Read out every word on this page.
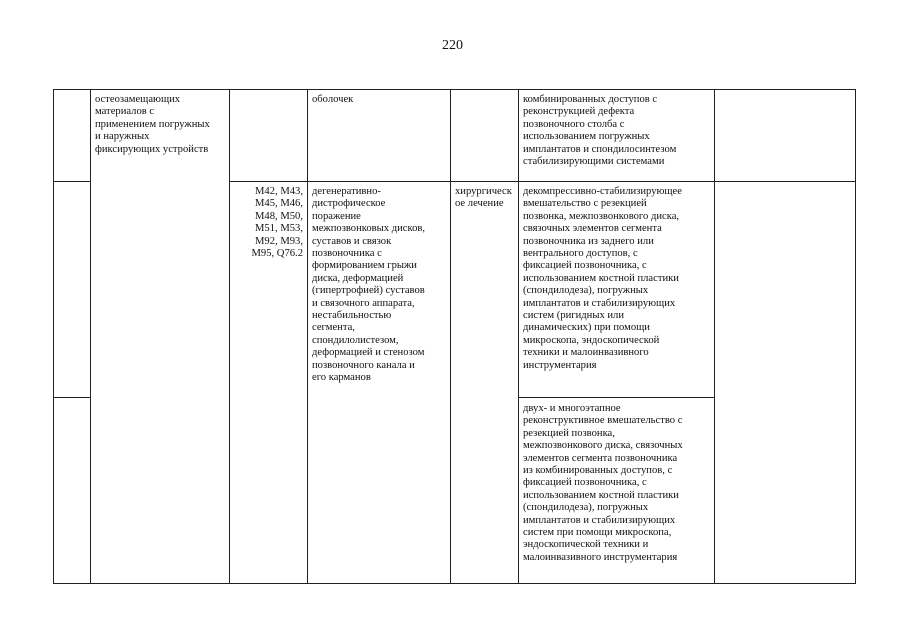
220
остеозамещающих
материалов с
применением погружных
и наружных
фиксирующих устройств
оболочек	комбинированных доступов с
реконструкцией дефекта
позвоночного столба с
использованием погружных
имплантатов и спондилосинтезом
стабилизирующими системами
M42, M43,
M45, M46,
M48, M50,
M51, M53,
M92, M93,
M95, Q76.2
дегенеративно-
дистрофическое
поражение
межпозвонковых дисков,
суставов и связок
позвоночника с
формированием грыжи
диска, деформацией
(гипертрофией) суставов
и связочного аппарата,
нестабильностью
сегмента,
спондилолистезом,
деформацией и стенозом
позвоночного канала и
его карманов
хирургическ
ое лечение
декомпрессивно-стабилизирующее
вмешательство с резекцией
позвонка, межпозвонкового диска,
связочных элементов сегмента
позвоночника из заднего или
вентрального доступов, с
фиксацией позвоночника, с
использованием костной пластики
(спондилодеза), погружных
имплантатов и стабилизирующих
систем (ригидных или
динамических) при помощи
микроскопа, эндоскопической
техники и малоинвазивного
инструментария
двух- и многоэтапное
реконструктивное вмешательство с
резекцией позвонка,
межпозвонкового диска, связочных
элементов сегмента позвоночника
из комбинированных доступов, с
фиксацией позвоночника, с
использованием костной пластики
(спондилодеза), погружных
имплантатов и стабилизирующих
систем при помощи микроскопа,
эндоскопической техники и
малоинвазивного инструментария
